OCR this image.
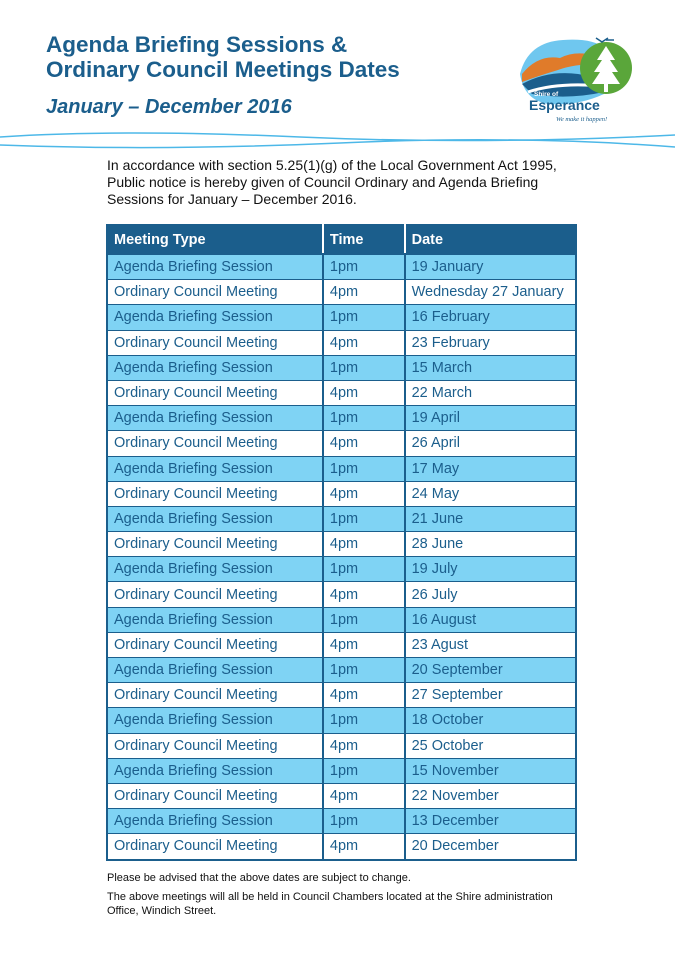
Agenda Briefing Sessions &
Ordinary Council Meetings Dates
January – December 2016
Shire of
Esperance
We make it happen!
In accordance with section 5.25(1)(g) of the Local Government Act 1995, Public notice is hereby given of Council Ordinary and Agenda Briefing Sessions for January – December 2016.
Meeting Type	Time	Date
Agenda Briefing Session	1pm	19 January
Ordinary Council Meeting	4pm	Wednesday 27 January
Agenda Briefing Session	1pm	16 February
Ordinary Council Meeting	4pm	23 February
Agenda Briefing Session	1pm	15 March
Ordinary Council Meeting	4pm	22 March
Agenda Briefing Session	1pm	19 April
Ordinary Council Meeting	4pm	26 April
Agenda Briefing Session	1pm	17 May
Ordinary Council Meeting	4pm	24 May
Agenda Briefing Session	1pm	21 June
Ordinary Council Meeting	4pm	28 June
Agenda Briefing Session	1pm	19 July
Ordinary Council Meeting	4pm	26 July
Agenda Briefing Session	1pm	16 August
Ordinary Council Meeting	4pm	23 Agust
Agenda Briefing Session	1pm	20 September
Ordinary Council Meeting	4pm	27 September
Agenda Briefing Session	1pm	18 October
Ordinary Council Meeting	4pm	25 October
Agenda Briefing Session	1pm	15 November
Ordinary Council Meeting	4pm	22 November
Agenda Briefing Session	1pm	13 December
Ordinary Council Meeting	4pm	20 December
Please be advised that the above dates are subject to change.
The above meetings will all be held in Council Chambers located at the Shire administration Office, Windich Street.
